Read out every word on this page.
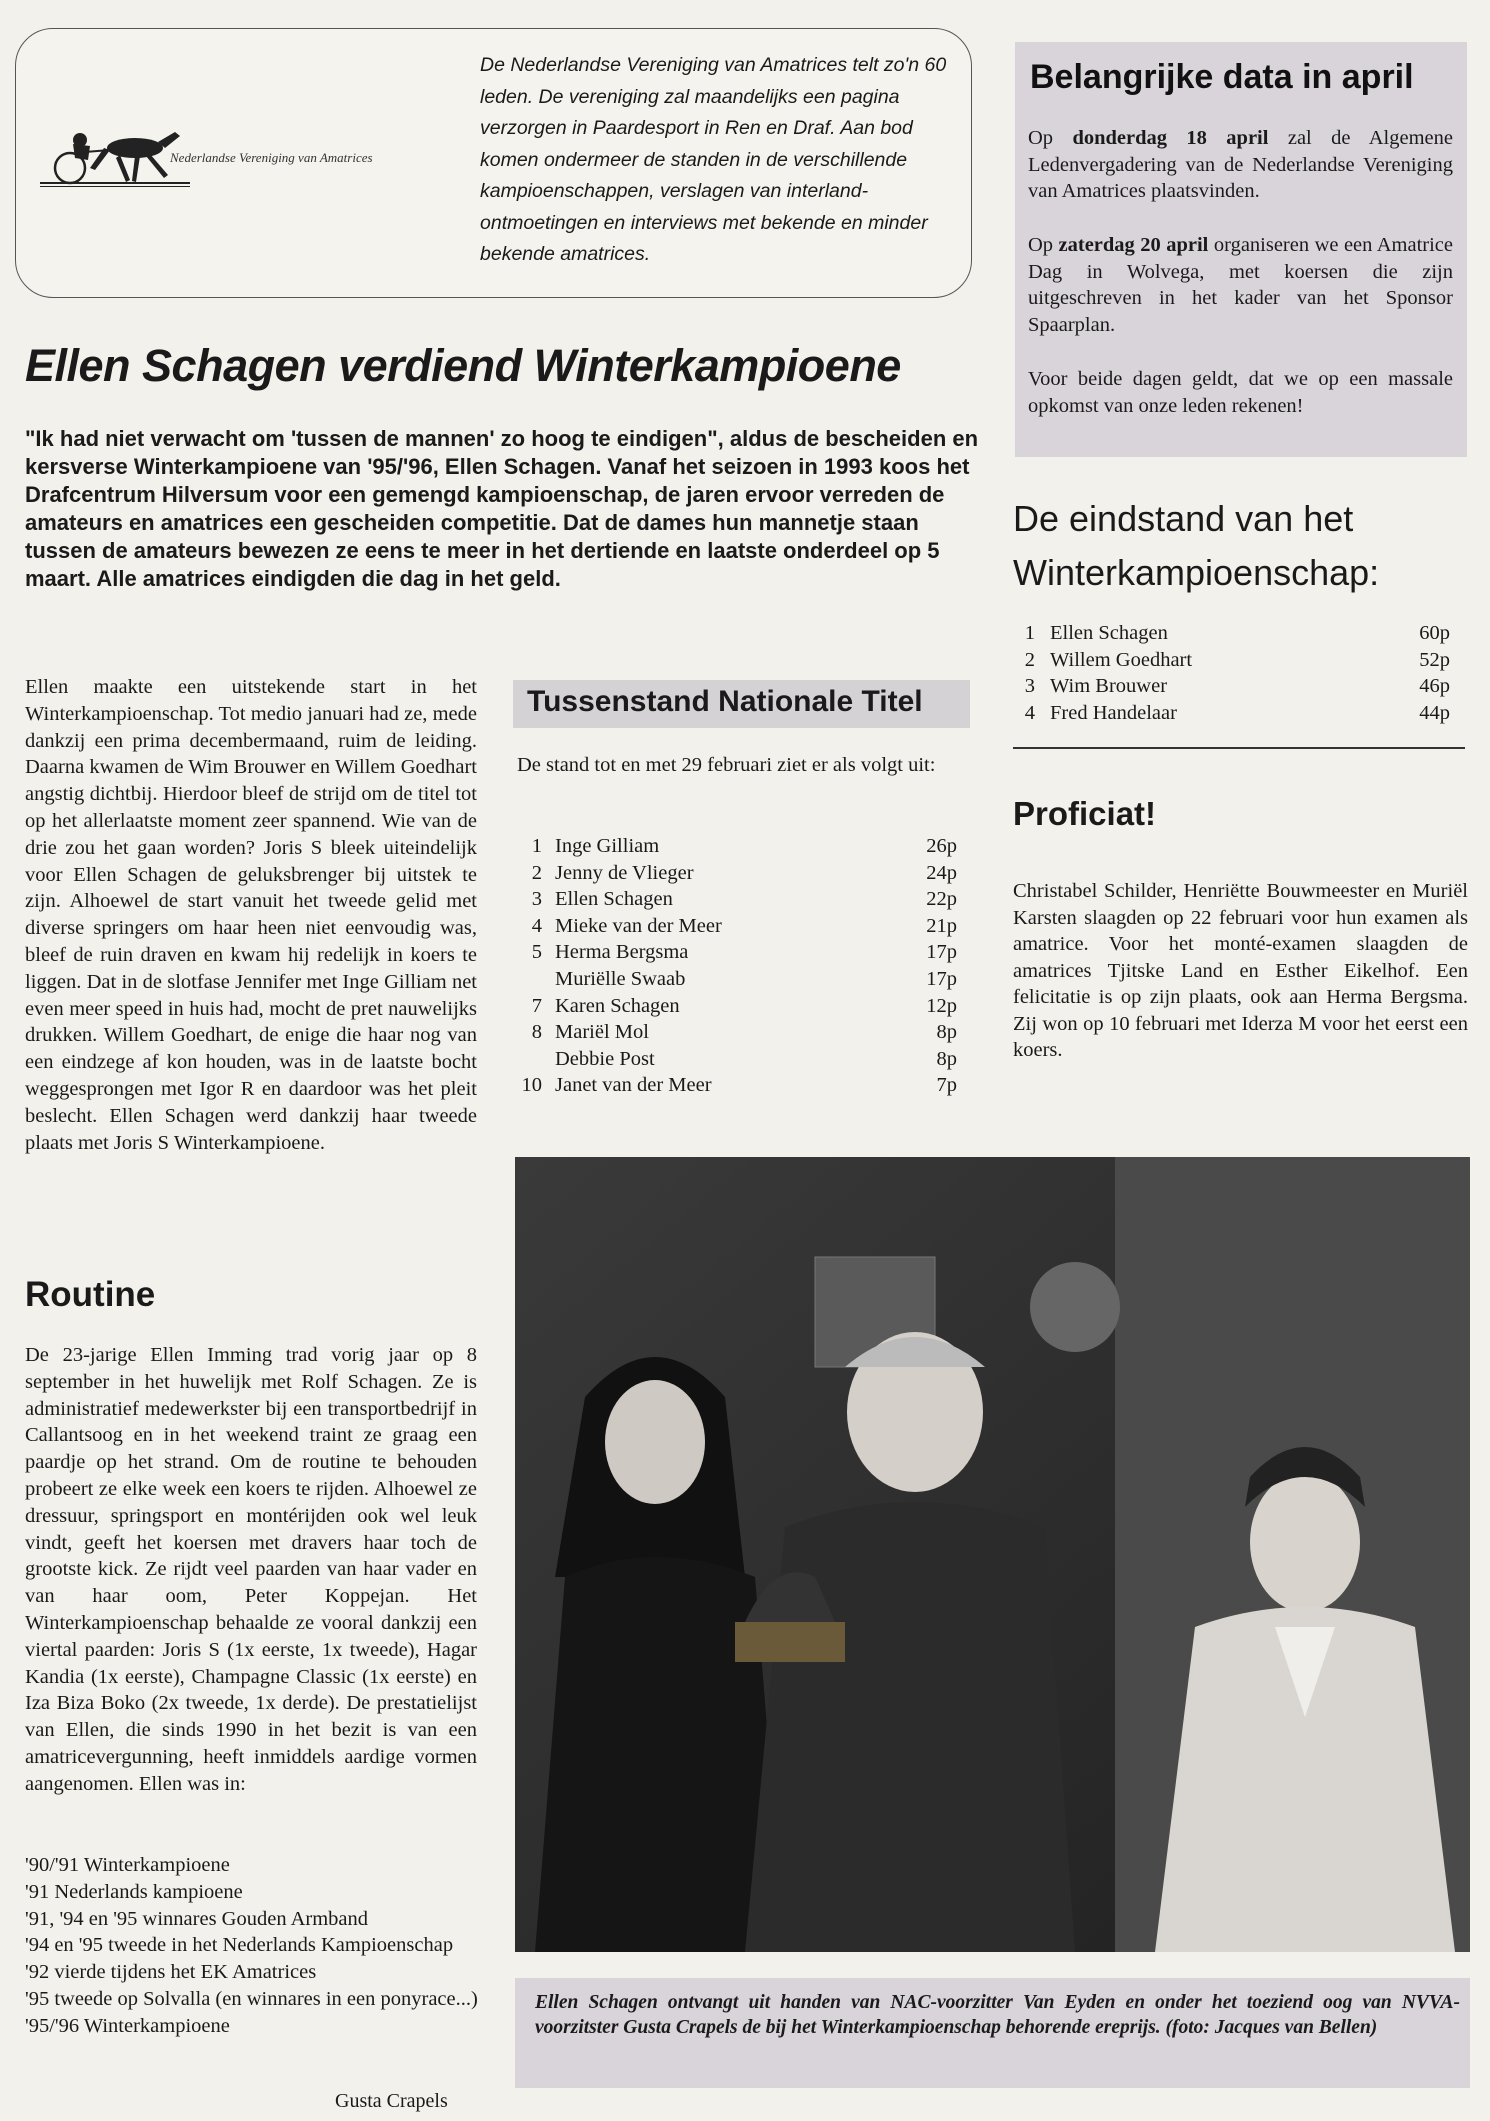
Nederlandse Vereniging van Amatrices
De Nederlandse Vereniging van Amatrices telt zo'n 60 leden. De vereniging zal maandelijks een pagina verzorgen in Paardesport in Ren en Draf. Aan bod komen ondermeer de standen in de verschillende kampioenschappen, verslagen van interland-ontmoetingen en interviews met bekende en minder bekende amatrices.
Belangrijke data in april
Op donderdag 18 april zal de Algemene Ledenvergadering van de Nederlandse Vereniging van Amatrices plaatsvinden.
Op zaterdag 20 april organiseren we een Amatrice Dag in Wolvega, met koersen die zijn uitgeschreven in het kader van het Sponsor Spaarplan.
Voor beide dagen geldt, dat we op een massale opkomst van onze leden rekenen!
Ellen Schagen verdiend Winterkampioene
"Ik had niet verwacht om 'tussen de mannen' zo hoog te eindigen", aldus de bescheiden en kersverse Winterkampioene van '95/'96, Ellen Schagen. Vanaf het seizoen in 1993 koos het Drafcentrum Hilversum voor een gemengd kampioenschap, de jaren ervoor verreden de amateurs en amatrices een gescheiden competitie. Dat de dames hun mannetje staan tussen de amateurs bewezen ze eens te meer in het dertiende en laatste onderdeel op 5 maart. Alle amatrices eindigden die dag in het geld.
Ellen maakte een uitstekende start in het Winterkampioenschap. Tot medio januari had ze, mede dankzij een prima decembermaand, ruim de leiding. Daarna kwamen de Wim Brouwer en Willem Goedhart angstig dichtbij. Hierdoor bleef de strijd om de titel tot op het allerlaatste moment zeer spannend. Wie van de drie zou het gaan worden? Joris S bleek uiteindelijk voor Ellen Schagen de geluksbrenger bij uitstek te zijn. Alhoewel de start vanuit het tweede gelid met diverse springers om haar heen niet eenvoudig was, bleef de ruin draven en kwam hij redelijk in koers te liggen. Dat in de slotfase Jennifer met Inge Gilliam net even meer speed in huis had, mocht de pret nauwelijks drukken. Willem Goedhart, de enige die haar nog van een eindzege af kon houden, was in de laatste bocht weggesprongen met Igor R en daardoor was het pleit beslecht. Ellen Schagen werd dankzij haar tweede plaats met Joris S Winterkampioene.
Routine
De 23-jarige Ellen Imming trad vorig jaar op 8 september in het huwelijk met Rolf Schagen. Ze is administratief medewerkster bij een transportbedrijf in Callantsoog en in het weekend traint ze graag een paardje op het strand. Om de routine te behouden probeert ze elke week een koers te rijden. Alhoewel ze dressuur, springsport en montérijden ook wel leuk vindt, geeft het koersen met dravers haar toch de grootste kick. Ze rijdt veel paarden van haar vader en van haar oom, Peter Koppejan. Het Winterkampioenschap behaalde ze vooral dankzij een viertal paarden: Joris S (1x eerste, 1x tweede), Hagar Kandia (1x eerste), Champagne Classic (1x eerste) en Iza Biza Boko (2x tweede, 1x derde). De prestatielijst van Ellen, die sinds 1990 in het bezit is van een amatricevergunning, heeft inmiddels aardige vormen aangenomen. Ellen was in:
'90/'91 Winterkampioene
'91 Nederlands kampioene
'91, '94 en '95 winnares Gouden Armband
'94 en '95 tweede in het Nederlands Kampioenschap
'92 vierde tijdens het EK Amatrices
'95 tweede op Solvalla (en winnares in een ponyrace...)
'95/'96 Winterkampioene
Gusta Crapels
Tussenstand Nationale Titel
De stand tot en met 29 februari ziet er als volgt uit:
1 Inge Gilliam	26p
2 Jenny de Vlieger	24p
3 Ellen Schagen	22p
4 Mieke van der Meer	21p
5 Herma Bergsma	17p
Muriëlle Swaab	17p
7 Karen Schagen	12p
8 Mariël Mol	8p
Debbie Post	8p
10 Janet van der Meer	7p
De eindstand van het
Winterkampioenschap:
1 Ellen Schagen	60p
2 Willem Goedhart	52p
3 Wim Brouwer	46p
4 Fred Handelaar	44p
Proficiat!
Christabel Schilder, Henriëtte Bouwmeester en Muriël Karsten slaagden op 22 februari voor hun examen als amatrice. Voor het monté-examen slaagden de amatrices Tjitske Land en Esther Eikelhof. Een felicitatie is op zijn plaats, ook aan Herma Bergsma. Zij won op 10 februari met Iderza M voor het eerst een koers.
Ellen Schagen ontvangt uit handen van NAC-voorzitter Van Eyden en onder het toeziend oog van NVVA-voorzitster Gusta Crapels de bij het Winterkampioenschap behorende ereprijs. (foto: Jacques van Bellen)
